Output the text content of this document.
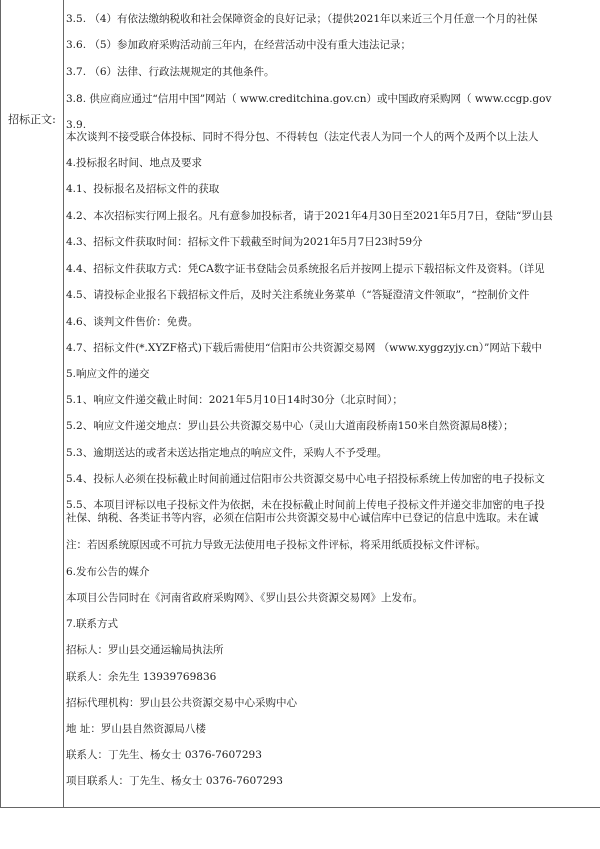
招标正文:
3.5. （4）有依法缴纳税收和社会保障资金的良好记录；（提供2021年以来近三个月任意一个月的社保
3.6. （5）参加政府采购活动前三年内，在经营活动中没有重大违法记录；
3.7. （6）法律、行政法规规定的其他条件。
3.8. 供应商应通过“信用中国”网站（ www.creditchina.gov.cn）或中国政府采购网（ www.ccgp.gov
3.9.
本次谈判不接受联合体投标、同时不得分包、不得转包（法定代表人为同一个人的两个及两个以上法人
4.投标报名时间、地点及要求
4.1、投标报名及招标文件的获取
4.2、本次招标实行网上报名。凡有意参加投标者，请于2021年4月30日至2021年5月7日，登陆“罗山县
4.3、招标文件获取时间：招标文件下载截至时间为2021年5月7日23时59分
4.4、招标文件获取方式：凭CA数字证书登陆会员系统报名后并按网上提示下载招标文件及资料。（详见
4.5、请投标企业报名下载招标文件后，及时关注系统业务菜单（“答疑澄清文件领取”，“控制价文件
4.6、谈判文件售价：免费。
4.7、招标文件(*.XYZF格式)下载后需使用“信阳市公共资源交易网 （www.xyggzyjy.cn）”网站下载中
5.响应文件的递交
5.1、响应文件递交截止时间：2021年5月10日14时30分（北京时间）；
5.2、响应文件递交地点：罗山县公共资源交易中心（灵山大道南段桥南150米自然资源局8楼）；
5.3、逾期送达的或者未送达指定地点的响应文件，采购人不予受理。
5.4、投标人必须在投标截止时间前通过信阳市公共资源交易中心电子招投标系统上传加密的电子投标文
5.5、本项目评标以电子投标文件为依据，未在投标截止时间前上传电子投标文件并递交非加密的电子投
社保、纳税、各类证书等内容，必须在信阳市公共资源交易中心诚信库中已登记的信息中选取。未在诚
注：若因系统原因或不可抗力导致无法使用电子投标文件评标，将采用纸质投标文件评标。
6.发布公告的媒介
本项目公告同时在《河南省政府采购网》、《罗山县公共资源交易网》上发布。
7.联系方式
招标人：罗山县交通运输局执法所
联系人：余先生 13939769836
招标代理机构：罗山县公共资源交易中心采购中心
地 址：罗山县自然资源局八楼
联系人：丁先生、杨女士 0376-7607293
项目联系人：丁先生、杨女士 0376-7607293
